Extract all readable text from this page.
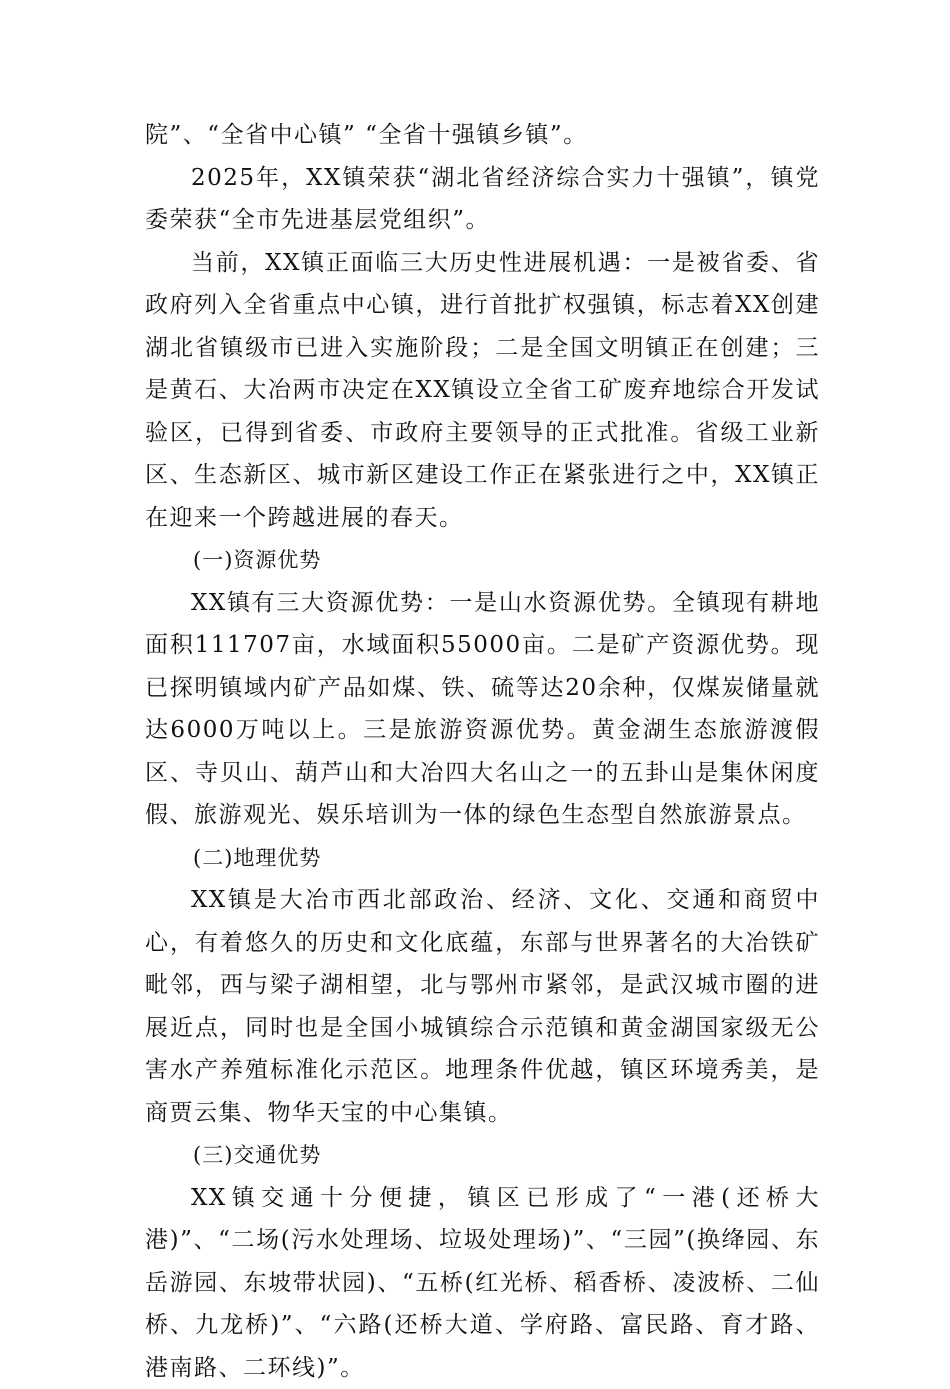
院”、“全省中心镇” “全省十强镇乡镇”。

2025年，XX镇荣获“湖北省经济综合实力十强镇”，镇党委荣获“全市先进基层党组织”。

当前，XX镇正面临三大历史性进展机遇：一是被省委、省政府列入全省重点中心镇，进行首批扩权强镇，标志着XX创建湖北省镇级市已进入实施阶段；二是全国文明镇正在创建；三是黄石、大冶两市决定在XX镇设立全省工矿废弃地综合开发试验区，已得到省委、市政府主要领导的正式批准。省级工业新区、生态新区、城市新区建设工作正在紧张进行之中，XX镇正在迎来一个跨越进展的春天。

(一)资源优势

XX镇有三大资源优势：一是山水资源优势。全镇现有耕地面积111707亩，水域面积55000亩。二是矿产资源优势。现已探明镇域内矿产品如煤、铁、硫等达20余种，仅煤炭储量就达6000万吨以上。三是旅游资源优势。黄金湖生态旅游渡假区、寺贝山、葫芦山和大冶四大名山之一的五卦山是集休闲度假、旅游观光、娱乐培训为一体的绿色生态型自然旅游景点。

(二)地理优势

XX镇是大冶市西北部政治、经济、文化、交通和商贸中心，有着悠久的历史和文化底蕴，东部与世界著名的大冶铁矿毗邻，西与梁子湖相望，北与鄂州市紧邻，是武汉城市圈的进展近点，同时也是全国小城镇综合示范镇和黄金湖国家级无公害水产养殖标准化示范区。地理条件优越，镇区环境秀美，是商贾云集、物华天宝的中心集镇。

(三)交通优势

XX镇交通十分便捷，镇区已形成了“一港(还桥大港)”、“二场(污水处理场、垃圾处理场)”、“三园”(换绛园、东岳游园、东坡带状园)、“五桥(红光桥、稻香桥、凌波桥、二仙桥、九龙桥)”、“六路(还桥大道、学府路、富民路、育才路、港南路、二环线)”。
